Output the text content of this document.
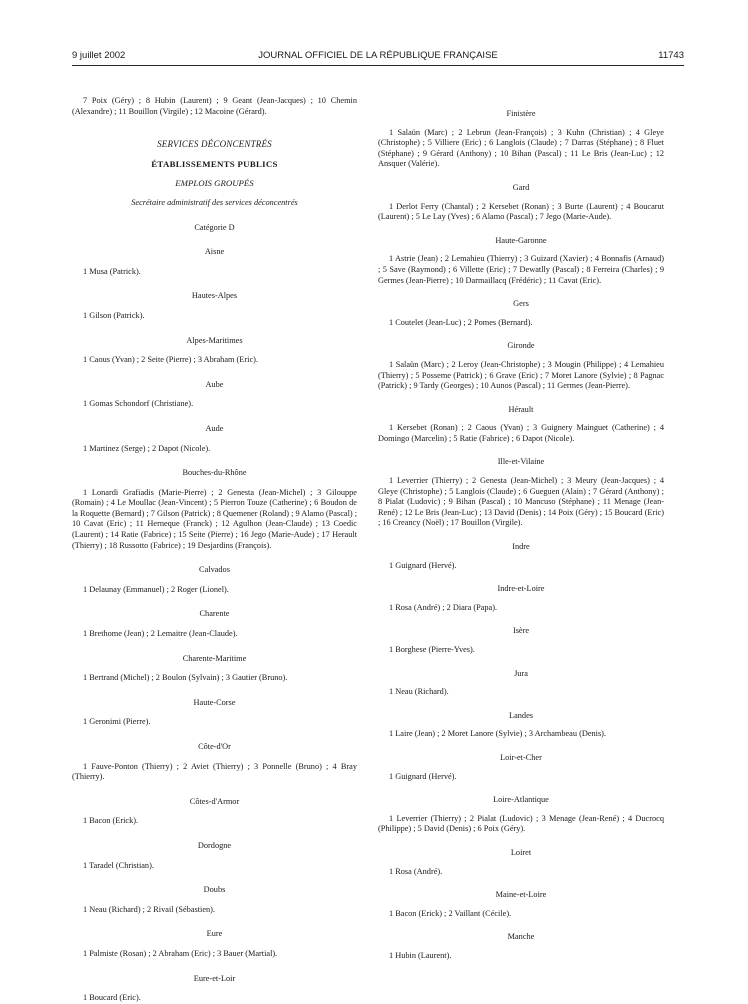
9 juillet 2002	JOURNAL OFFICIEL DE LA RÉPUBLIQUE FRANÇAISE	11743

7 Poix (Géry) ; 8 Hubin (Laurent) ; 9 Geant (Jean-Jacques) ; 10 Chemin (Alexandre) ; 11 Bouillon (Virgile) ; 12 Macoine (Gérard).

SERVICES DÉCONCENTRÉS
ÉTABLISSEMENTS PUBLICS
EMPLOIS GROUPÉS
Secrétaire administratif des services déconcentrés
Catégorie D
Aisne

1 Musa (Patrick).

Hautes-Alpes

1 Gilson (Patrick).

Alpes-Maritimes

1 Caous (Yvan) ; 2 Seite (Pierre) ; 3 Abraham (Eric).

Aube

1 Gomas Schondorf (Christiane).

Aude

1 Martinez (Serge) ; 2 Dapot (Nicole).

Bouches-du-Rhône

1 Lonardi Grafiadis (Marie-Pierre) ; 2 Genesta (Jean-Michel) ; 3 Gilouppe (Romain) ; 4 Le Moullac (Jean-Vincent) ; 5 Pierron Touze (Catherine) ; 6 Boudon de la Roquette (Bernard) ; 7 Gilson (Patrick) ; 8 Quemener (Roland) ; 9 Alamo (Pascal) ; 10 Cavat (Eric) ; 11 Herneque (Franck) ; 12 Agulhon (Jean-Claude) ; 13 Coedic (Laurent) ; 14 Ratie (Fabrice) ; 15 Seite (Pierre) ; 16 Jego (Marie-Aude) ; 17 Herault (Thierry) ; 18 Russotto (Fabrice) ; 19 Desjardins (François).

Calvados

1 Delaunay (Emmanuel) ; 2 Roger (Lionel).

Charente

1 Brethome (Jean) ; 2 Lemaitre (Jean-Claude).

Charente-Maritime

1 Bertrand (Michel) ; 2 Boulon (Sylvain) ; 3 Gautier (Bruno).

Haute-Corse

1 Geronimi (Pierre).

Côte-d'Or

1 Fauve-Ponton (Thierry) ; 2 Aviet (Thierry) ; 3 Ponnelle (Bruno) ; 4 Bray (Thierry).

Côtes-d'Armor

1 Bacon (Erick).

Dordogne

1 Taradel (Christian).

Doubs

1 Neau (Richard) ; 2 Rivail (Sébastien).

Eure

1 Palmiste (Rosan) ; 2 Abraham (Eric) ; 3 Bauer (Martial).

Eure-et-Loir

1 Boucard (Eric).

Finistère

1 Salaün (Marc) ; 2 Lebrun (Jean-François) ; 3 Kuhn (Christian) ; 4 Gleye (Christophe) ; 5 Villiere (Eric) ; 6 Langlois (Claude) ; 7 Darras (Stéphane) ; 8 Fluet (Stéphane) ; 9 Gérard (Anthony) ; 10 Bihan (Pascal) ; 11 Le Bris (Jean-Luc) ; 12 Ansquer (Valérie).

Gard

1 Derlot Ferry (Chantal) ; 2 Kersebet (Ronan) ; 3 Burte (Laurent) ; 4 Boucarut (Laurent) ; 5 Le Lay (Yves) ; 6 Alamo (Pascal) ; 7 Jego (Marie-Aude).

Haute-Garonne

1 Astrie (Jean) ; 2 Lemahieu (Thierry) ; 3 Guizard (Xavier) ; 4 Bonnafis (Arnaud) ; 5 Save (Raymond) ; 6 Villette (Eric) ; 7 Dewatlly (Pascal) ; 8 Ferreira (Charles) ; 9 Germes (Jean-Pierre) ; 10 Darmaillacq (Frédéric) ; 11 Cavat (Eric).

Gers

1 Coutelet (Jean-Luc) ; 2 Pomes (Bernard).

Gironde

1 Salaün (Marc) ; 2 Leroy (Jean-Christophe) ; 3 Mougin (Philippe) ; 4 Lemahieu (Thierry) ; 5 Posseme (Patrick) ; 6 Grave (Eric) ; 7 Moret Lanore (Sylvie) ; 8 Pagnac (Patrick) ; 9 Tardy (Georges) ; 10 Aunos (Pascal) ; 11 Germes (Jean-Pierre).

Hérault

1 Kersebet (Ronan) ; 2 Caous (Yvan) ; 3 Guignery Mainguet (Catherine) ; 4 Domingo (Marcelin) ; 5 Ratie (Fabrice) ; 6 Dapot (Nicole).

Ille-et-Vilaine

1 Leverrier (Thierry) ; 2 Genesta (Jean-Michel) ; 3 Meury (Jean-Jacques) ; 4 Gleye (Christophe) ; 5 Langlois (Claude) ; 6 Gueguen (Alain) ; 7 Gérard (Anthony) ; 8 Pialat (Ludovic) ; 9 Bihan (Pascal) ; 10 Mancuso (Stéphane) ; 11 Menage (Jean-René) ; 12 Le Bris (Jean-Luc) ; 13 David (Denis) ; 14 Poix (Géry) ; 15 Boucard (Eric) ; 16 Creancy (Noël) ; 17 Bouillon (Virgile).

Indre

1 Guignard (Hervé).

Indre-et-Loire

1 Rosa (André) ; 2 Diara (Papa).

Isère

1 Borghese (Pierre-Yves).

Jura

1 Neau (Richard).

Landes

1 Laire (Jean) ; 2 Moret Lanore (Sylvie) ; 3 Archambeau (Denis).

Loir-et-Cher

1 Guignard (Hervé).

Loire-Atlantique

1 Leverrier (Thierry) ; 2 Pialat (Ludovic) ; 3 Menage (Jean-René) ; 4 Ducrocq (Philippe) ; 5 David (Denis) ; 6 Poix (Géry).

Loiret

1 Rosa (André).

Maine-et-Loire

1 Bacon (Erick) ; 2 Vaillant (Cécile).

Manche

1 Hubin (Laurent).
